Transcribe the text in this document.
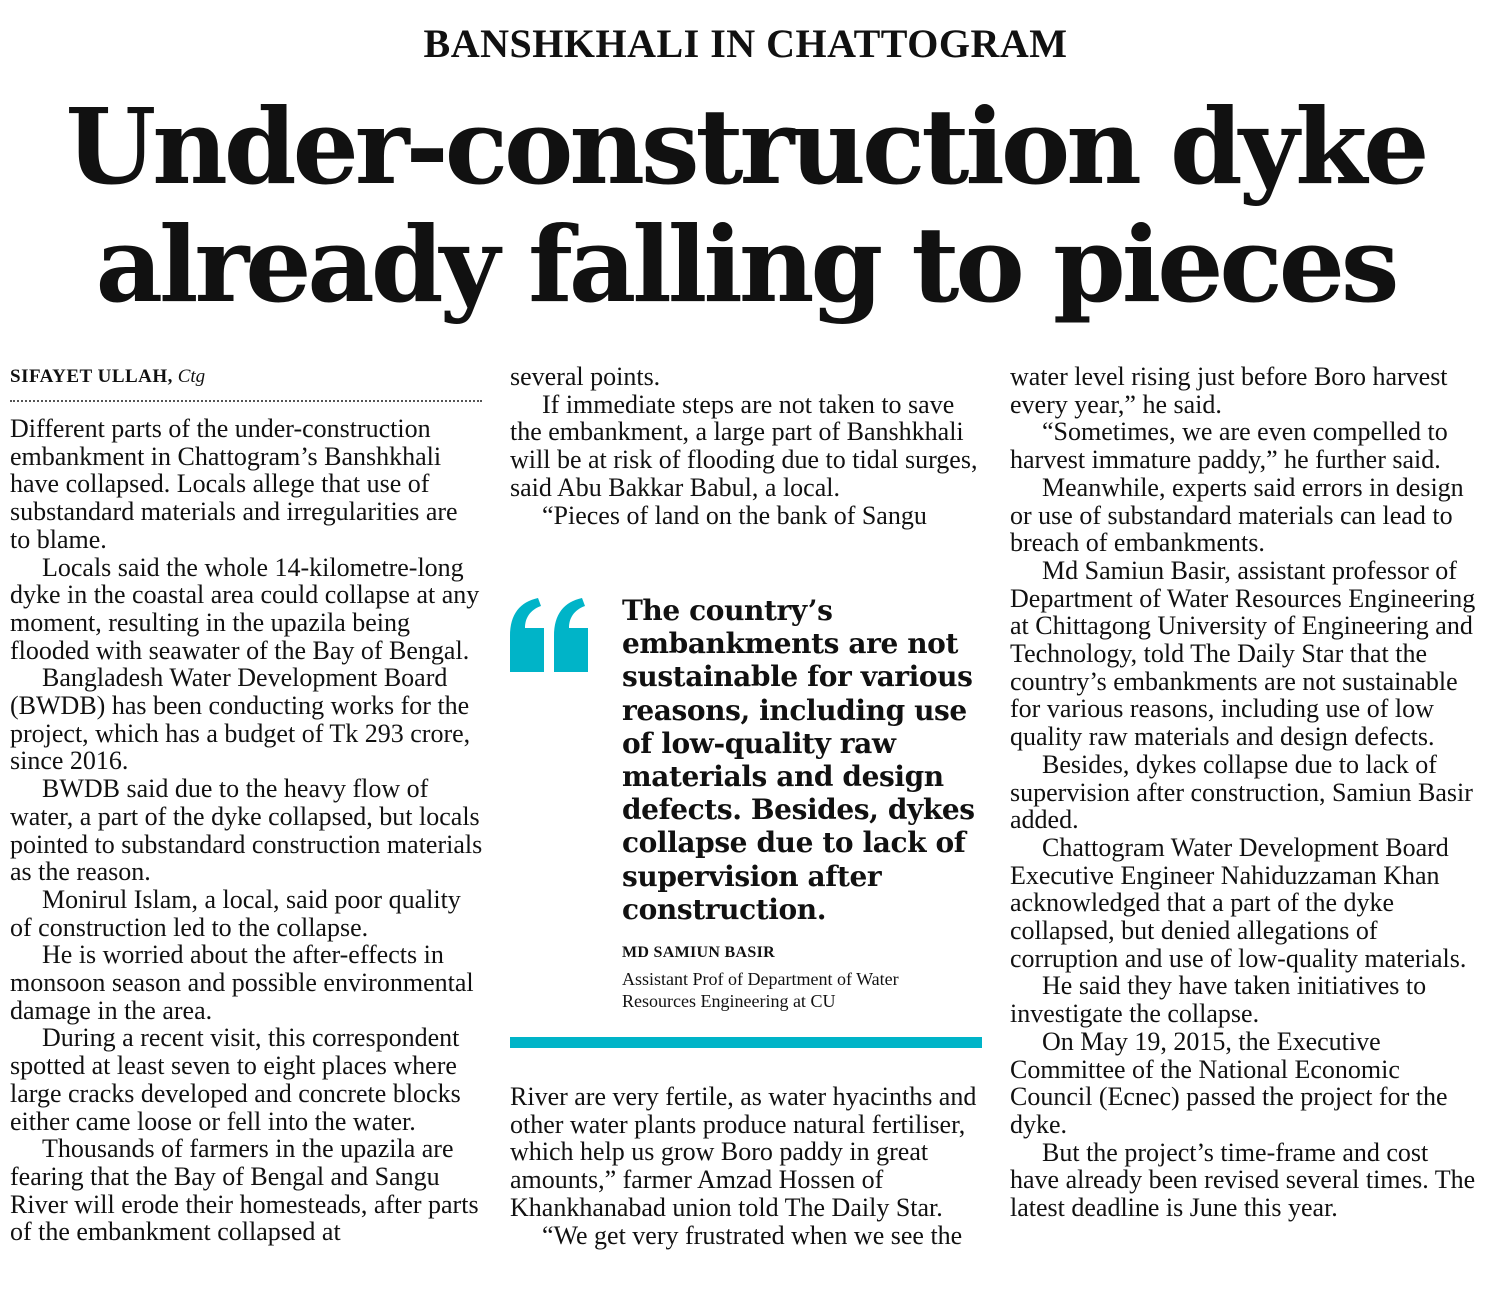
BANSHKHALI IN CHATTOGRAM
Under-construction dyke
already falling to pieces
SIFAYET ULLAH, Ctg

Different parts of the under-construction embankment in Chattogram’s Banshkhali have collapsed. Locals allege that use of substandard materials and irregularities are to blame.

Locals said the whole 14-kilometre-long dyke in the coastal area could collapse at any moment, resulting in the upazila being flooded with seawater of the Bay of Bengal.

Bangladesh Water Development Board (BWDB) has been conducting works for the project, which has a budget of Tk 293 crore, since 2016.

BWDB said due to the heavy flow of water, a part of the dyke collapsed, but locals pointed to substandard construction materials as the reason.

Monirul Islam, a local, said poor quality of construction led to the collapse.

He is worried about the after-effects in monsoon season and possible environmental damage in the area.

During a recent visit, this correspondent spotted at least seven to eight places where large cracks developed and concrete blocks either came loose or fell into the water.

Thousands of farmers in the upazila are fearing that the Bay of Bengal and Sangu River will erode their homesteads, after parts of the embankment collapsed at

several points.

If immediate steps are not taken to save the embankment, a large part of Banshkhali will be at risk of flooding due to tidal surges, said Abu Bakkar Babul, a local.

“Pieces of land on the bank of Sangu

The country’s embankments are not sustainable for various reasons, including use of low-quality raw materials and design defects. Besides, dykes collapse due to lack of supervision after construction.
MD SAMIUN BASIR
Assistant Prof of Department of Water Resources Engineering at CU

River are very fertile, as water hyacinths and other water plants produce natural fertiliser, which help us grow Boro paddy in great amounts,” farmer Amzad Hossen of Khankhanabad union told The Daily Star.

“We get very frustrated when we see the

water level rising just before Boro harvest every year,” he said.

“Sometimes, we are even compelled to harvest immature paddy,” he further said.

Meanwhile, experts said errors in design or use of substandard materials can lead to breach of embankments.

Md Samiun Basir, assistant professor of Department of Water Resources Engineering at Chittagong University of Engineering and Technology, told The Daily Star that the country’s embankments are not sustainable for various reasons, including use of low quality raw materials and design defects.

Besides, dykes collapse due to lack of supervision after construction, Samiun Basir added.

Chattogram Water Development Board Executive Engineer Nahiduzzaman Khan acknowledged that a part of the dyke collapsed, but denied allegations of corruption and use of low-quality materials.

He said they have taken initiatives to investigate the collapse.

On May 19, 2015, the Executive Committee of the National Economic Council (Ecnec) passed the project for the dyke.

But the project’s time-frame and cost have already been revised several times. The latest deadline is June this year.
